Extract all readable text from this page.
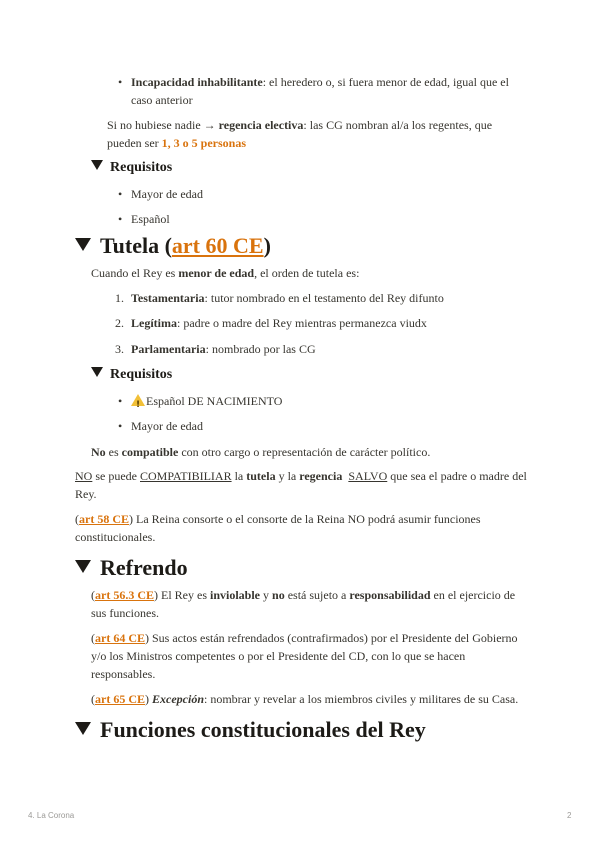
• Incapacidad inhabilitante: el heredero o, si fuera menor de edad, igual que el
caso anterior
Si no hubiese nadie → regencia electiva: las CG nombran al/a los regentes, que
pueden ser 1, 3 o 5 personas
Requisitos
• Mayor de edad
• Español
Tutela (art 60 CE)
Cuando el Rey es menor de edad, el orden de tutela es:
1. Testamentaria: tutor nombrado en el testamento del Rey difunto
2. Legítima: padre o madre del Rey mientras permanezca viudx
3. Parlamentaria: nombrado por las CG
Requisitos
!• Español DE NACIMIENTO
• Mayor de edad
No es compatible con otro cargo o representación de carácter político.
NO se puede COMPATIBILIAR la tutela y la regencia SALVO que sea el padre o madre del
Rey.
(art 58 CE) La Reina consorte o el consorte de la Reina NO podrá asumir funciones
constitucionales.
Refrendo
(art 56.3 CE) El Rey es inviolable y no está sujeto a responsabilidad en el ejercicio de
sus funciones.
(art 64 CE) Sus actos están refrendados (contrafirmados) por el Presidente del Gobierno
y/o los Ministros competentes o por el Presidente del CD, con lo que se hacen
responsables.
(art 65 CE) Excepción: nombrar y revelar a los miembros civiles y militares de su Casa.
Funciones constitucionales del Rey
4. La Corona	2
